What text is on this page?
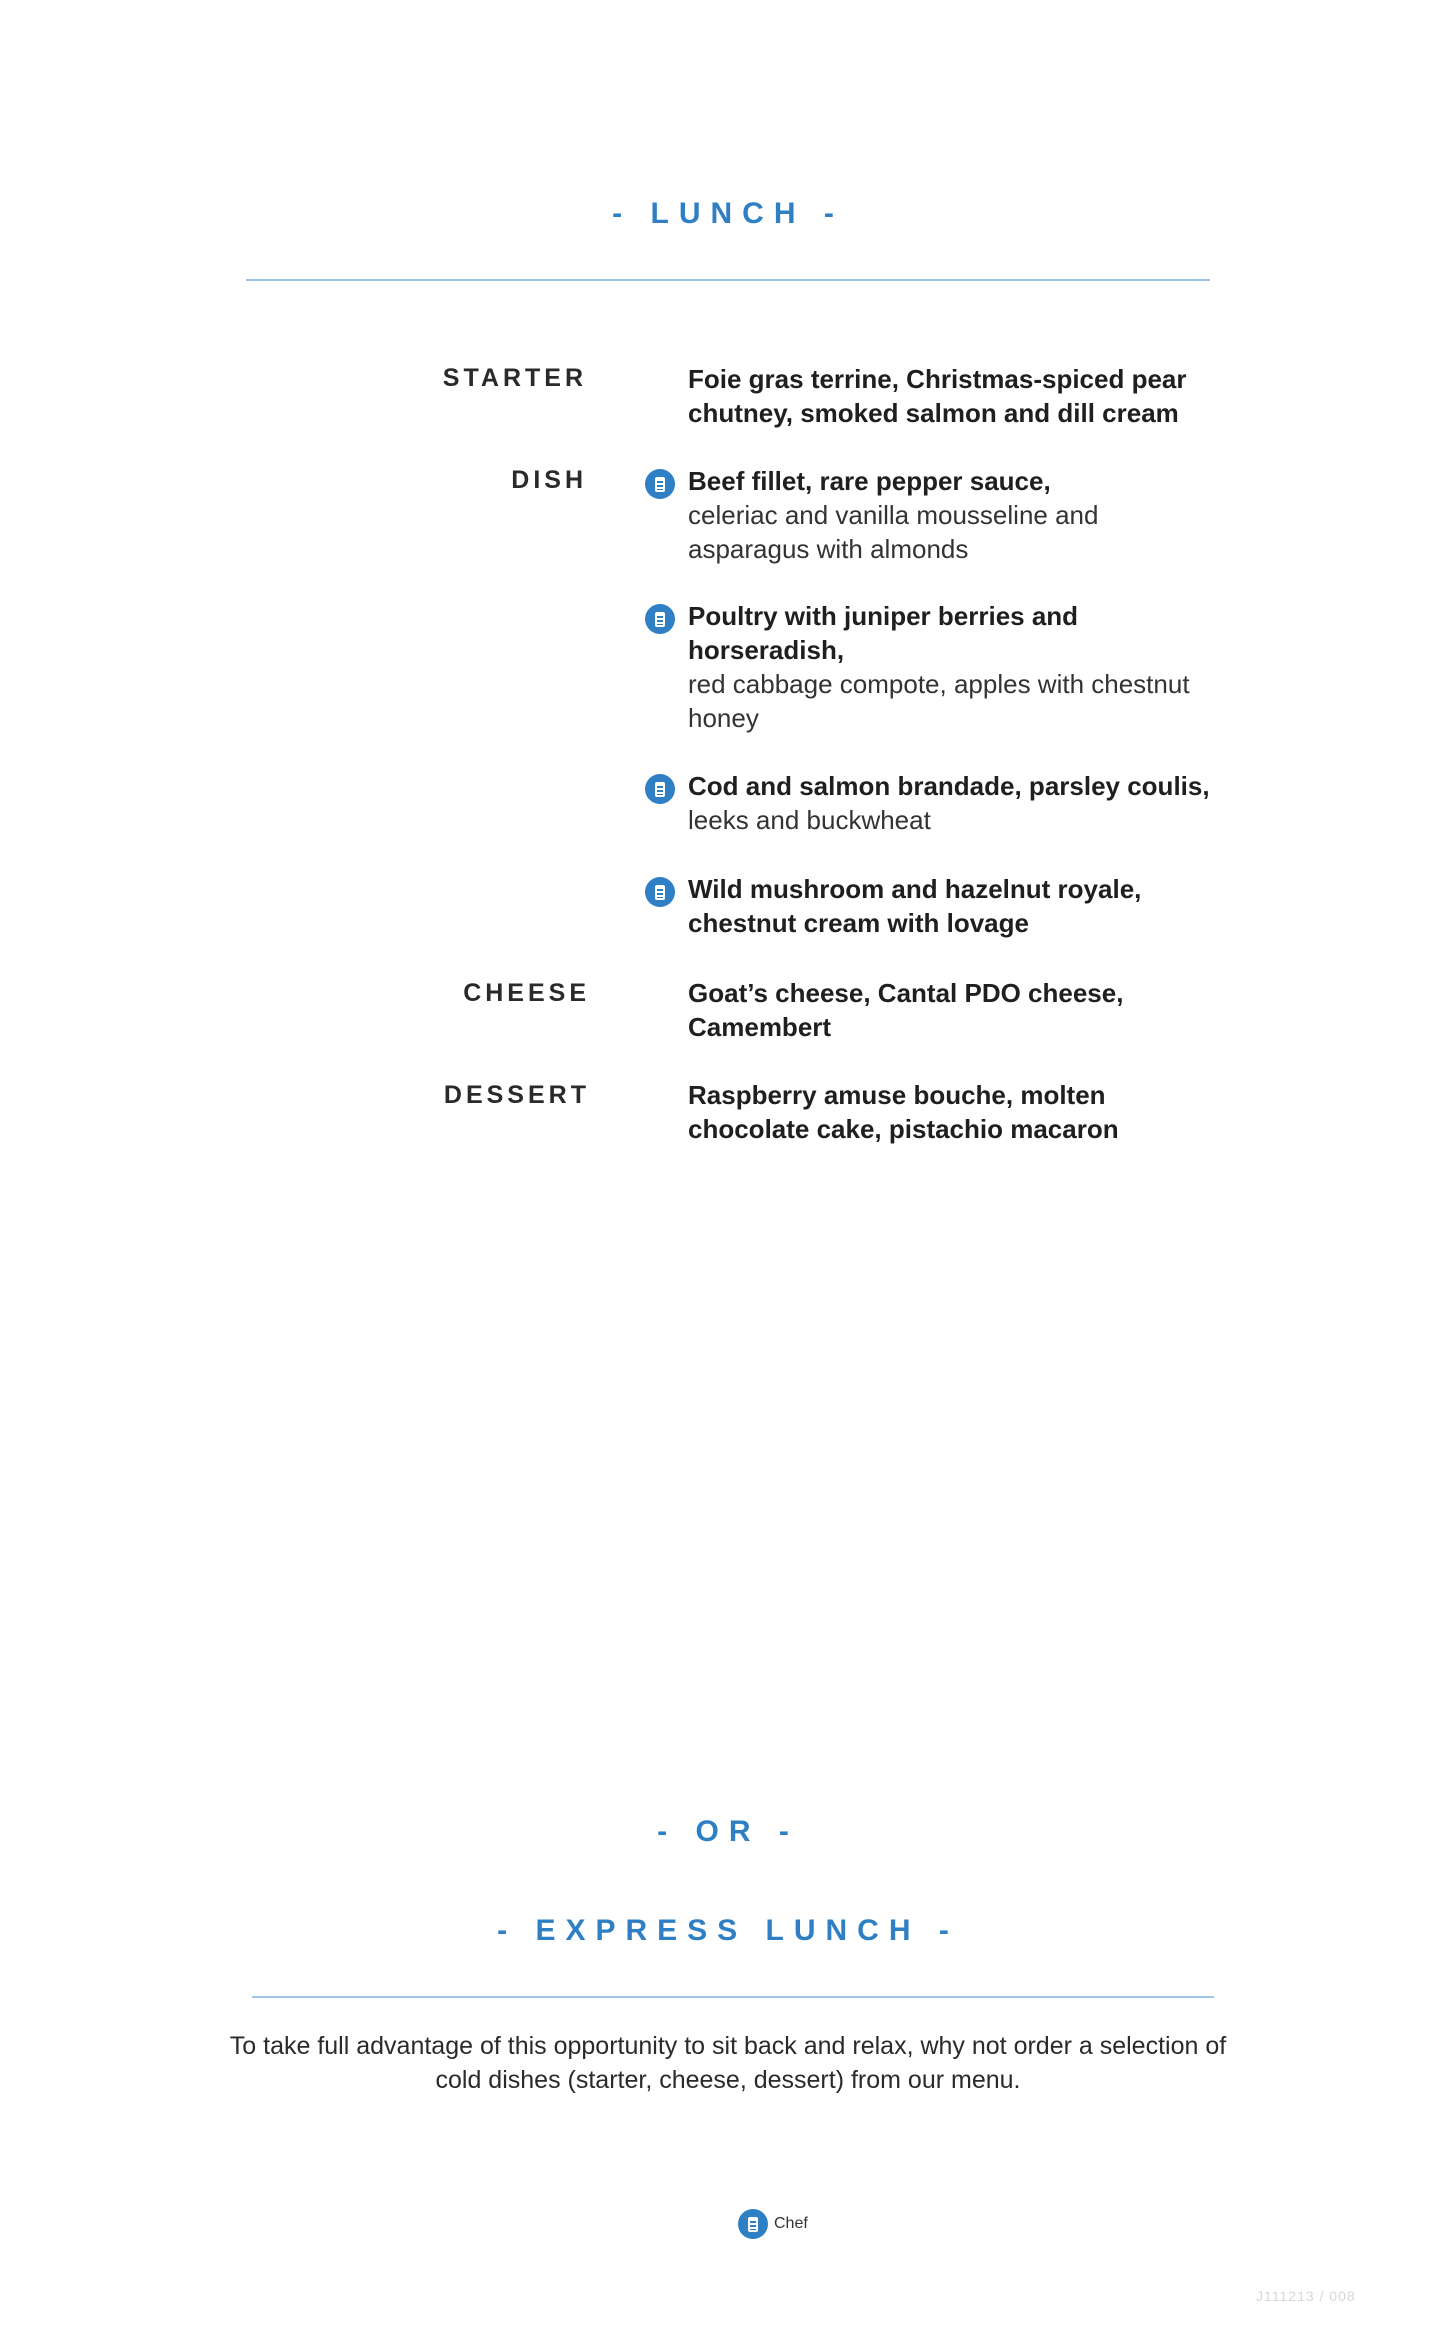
- LUNCH -
STARTER	Foie gras terrine, Christmas-spiced pear chutney, smoked salmon and dill cream
DISH	Beef fillet, rare pepper sauce,
celeriac and vanilla mousseline and asparagus with almonds
Poultry with juniper berries and horseradish,
red cabbage compote, apples with chestnut honey
Cod and salmon brandade, parsley coulis,
leeks and buckwheat
Wild mushroom and hazelnut royale, chestnut cream with lovage
CHEESE	Goat’s cheese, Cantal PDO cheese, Camembert
DESSERT	Raspberry amuse bouche, molten chocolate cake, pistachio macaron
- OR -
- EXPRESS LUNCH -
To take full advantage of this opportunity to sit back and relax, why not order a selection of cold dishes (starter, cheese, dessert) from our menu.
Chef
J111213 / 008
